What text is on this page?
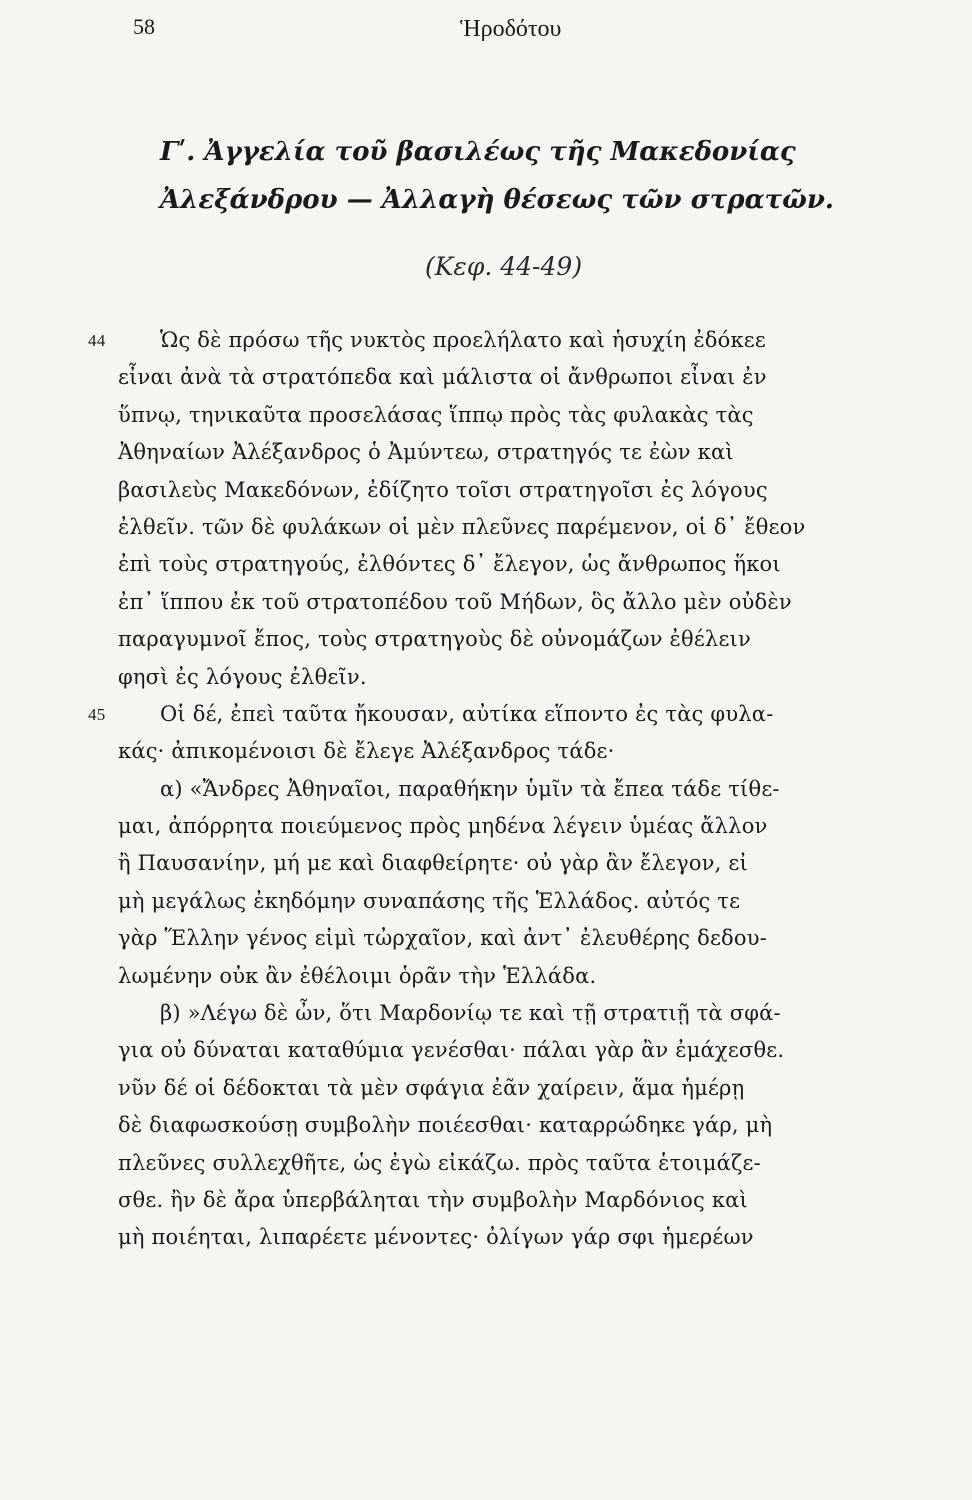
58	Ἡροδότου
Γʹ. Ἀγγελία τοῦ βασιλέως τῆς Μακεδονίας
Ἀλεξάνδρου — Ἀλλαγὴ θέσεως τῶν στρατῶν.
(Κεφ. 44-49)
44	Ὡς δὲ πρόσω τῆς νυκτὸς προελήλατο καὶ ἡσυχίη ἐδόκεε
εἶναι ἀνὰ τὰ στρατόπεδα καὶ μάλιστα οἱ ἄνθρωποι εἶναι ἐν
ὕπνῳ, τηνικαῦτα προσελάσας ἵππῳ πρὸς τὰς φυλακὰς τὰς
Ἀθηναίων Ἀλέξανδρος ὁ Ἀμύντεω, στρατηγός τε ἐὼν καὶ
βασιλεὺς Μακεδόνων, ἐδίζητο τοῖσι στρατηγοῖσι ἐς λόγους
ἐλθεῖν. τῶν δὲ φυλάκων οἱ μὲν πλεῦνες παρέμενον, οἱ δ᾽ ἔθεον
ἐπὶ τοὺς στρατηγούς, ἐλθόντες δ᾽ ἔλεγον, ὡς ἄνθρωπος ἥκοι
ἐπ᾽ ἵππου ἐκ τοῦ στρατοπέδου τοῦ Μήδων, ὃς ἄλλο μὲν οὐδὲν
παραγυμνοῖ ἔπος, τοὺς στρατηγοὺς δὲ οὐνομάζων ἐθέλειν
φησὶ ἐς λόγους ἐλθεῖν.
45	Οἱ δέ, ἐπεὶ ταῦτα ἤκουσαν, αὐτίκα εἵποντο ἐς τὰς φυλα-
κάς· ἀπικομένοισι δὲ ἔλεγε Ἀλέξανδρος τάδε·
α) «Ἄνδρες Ἀθηναῖοι, παραθήκην ὑμῖν τὰ ἔπεα τάδε τίθε-
μαι, ἀπόρρητα ποιεύμενος πρὸς μηδένα λέγειν ὑμέας ἄλλον
ἢ Παυσανίην, μή με καὶ διαφθείρητε· οὐ γὰρ ἂν ἔλεγον, εἰ
μὴ μεγάλως ἐκηδόμην συναπάσης τῆς Ἑλλάδος. αὐτός τε
γὰρ Ἕλλην γένος εἰμὶ τὠρχαῖον, καὶ ἀντ᾽ ἐλευθέρης δεδου-
λωμένην οὐκ ἂν ἐθέλοιμι ὁρᾶν τὴν Ἑλλάδα.
β) »Λέγω δὲ ὦν, ὅτι Μαρδονίῳ τε καὶ τῇ στρατιῇ τὰ σφά-
για οὐ δύναται καταθύμια γενέσθαι· πάλαι γὰρ ἂν ἐμάχεσθε.
νῦν δέ οἱ δέδοκται τὰ μὲν σφάγια ἐᾶν χαίρειν, ἅμα ἡμέρῃ
δὲ διαφωσκούσῃ συμβολὴν ποιέεσθαι· καταρρώδηκε γάρ, μὴ
πλεῦνες συλλεχθῆτε, ὡς ἐγὼ εἰκάζω. πρὸς ταῦτα ἑτοιμάζε-
σθε. ἢν δὲ ἄρα ὑπερβάληται τὴν συμβολὴν Μαρδόνιος καὶ
μὴ ποιέηται, λιπαρέετε μένοντες· ὀλίγων γάρ σφι ἡμερέων
